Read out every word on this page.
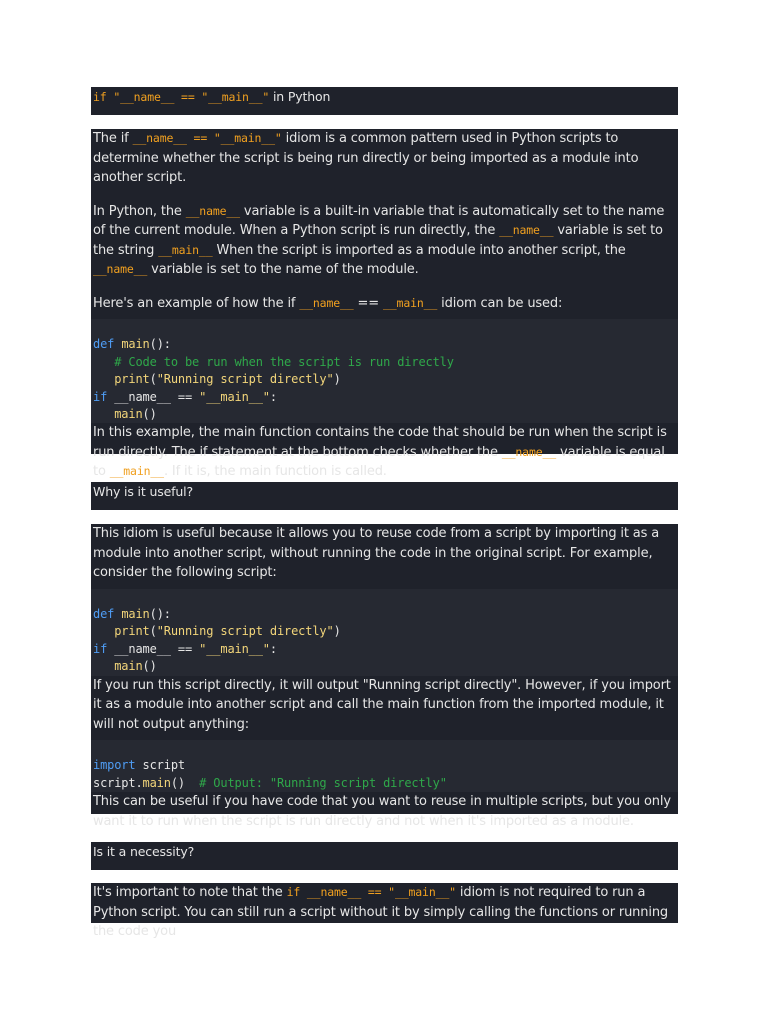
if "__name__ == "__main__" in Python

The if __name__ == "__main__" idiom is a common pattern used in Python scripts to determine whether the script is being run directly or being imported as a module into another script.

In Python, the __name__ variable is a built-in variable that is automatically set to the name of the current module. When a Python script is run directly, the __name__ variable is set to the string __main__ When the script is imported as a module into another script, the __name__ variable is set to the name of the module.

Here's an example of how the if __name__ == __main__ idiom can be used:

def main():
# Code to be run when the script is run directly
print("Running script directly")
if __name__ == "__main__":
main()

In this example, the main function contains the code that should be run when the script is run directly. The if statement at the bottom checks whether the __name__ variable is equal to __main__. If it is, the main function is called.

Why is it useful?

This idiom is useful because it allows you to reuse code from a script by importing it as a module into another script, without running the code in the original script. For example, consider the following script:

def main():
print("Running script directly")
if __name__ == "__main__":
main()

If you run this script directly, it will output "Running script directly". However, if you import it as a module into another script and call the main function from the imported module, it will not output anything:

import script
script.main()  # Output: "Running script directly"

This can be useful if you have code that you want to reuse in multiple scripts, but you only want it to run when the script is run directly and not when it's imported as a module.

Is it a necessity?

It's important to note that the if __name__ == "__main__" idiom is not required to run a Python script. You can still run a script without it by simply calling the functions or running the code you
